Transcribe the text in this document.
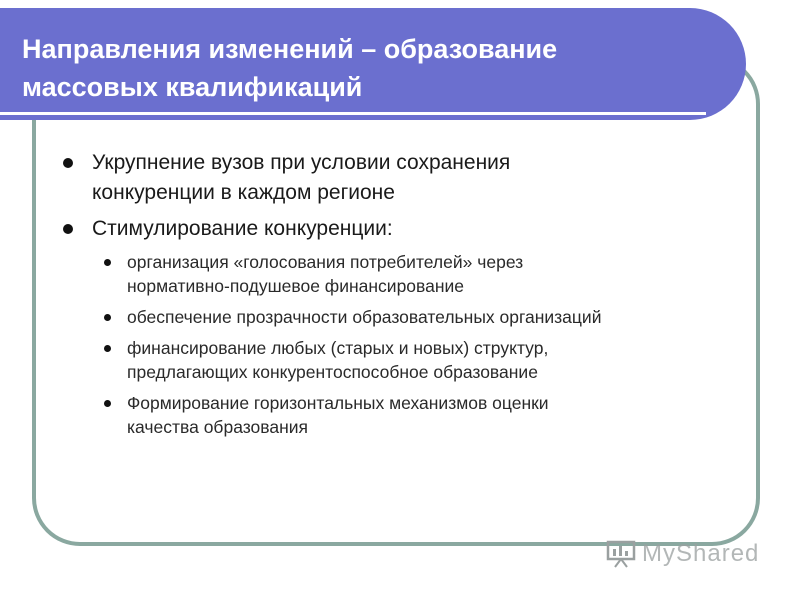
Направления изменений – образование
массовых квалификаций
Укрупнение вузов при условии сохранения
конкуренции в каждом регионе
Стимулирование конкуренции:
организация «голосования потребителей» через
нормативно-подушевое финансирование
обеспечение прозрачности образовательных организаций
финансирование любых (старых и новых) структур,
предлагающих конкурентоспособное образование
Формирование горизонтальных механизмов оценки
качества образования
MyShared
